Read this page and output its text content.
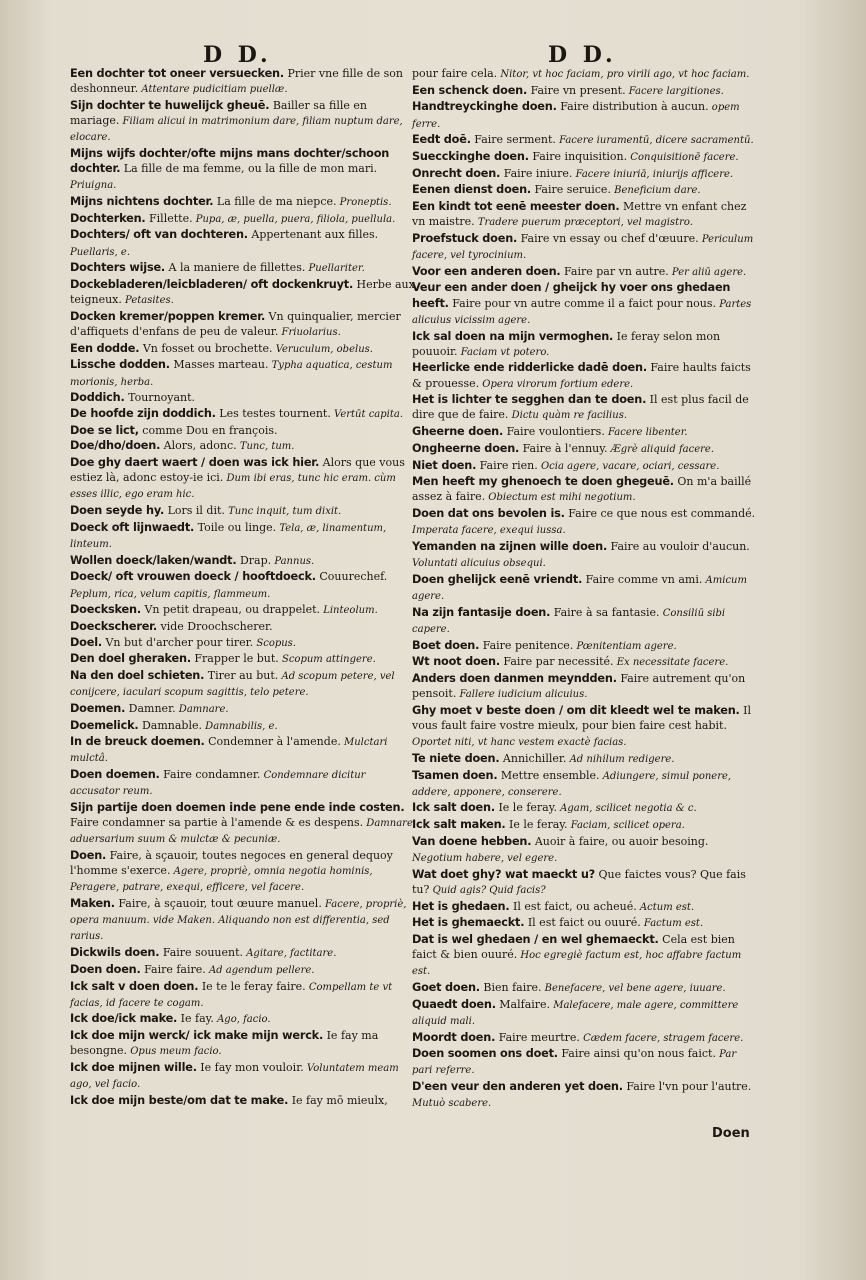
D D.	D D.
Een dochter tot oneer versuecken. Prier vne fille de son deshonneur. Attentare pudicitiam puellæ.
Sijn dochter te huwelijck gheuē. Bailler sa fille en mariage. Filiam alicui in matrimonium dare, filiam nuptum dare, elocare.
Mijns wijfs dochter/ofte mijns mans dochter/schoon dochter. La fille de ma femme, ou la fille de mon mari. Priuigna.
Mijns nichtens dochter. La fille de ma niepce. Proneptis.
Dochterken. Fillette. Pupa, æ, puella, puera, filiola, puellula.
Dochters/ oft van dochteren. Appertenant aux filles. Puellaris, e.
Dochters wijse. A la maniere de fillettes. Puellariter.
Dockebladeren/leicbladeren/ oft dockenkruyt. Herbe aux teigneux. Petasites.
Docken kremer/poppen kremer. Vn quinqualier, mercier d'affiquets d'enfans de peu de valeur. Friuolarius.
Een dodde. Vn fosset ou brochette. Veruculum, obelus.
Lissche dodden. Masses marteau. Typha aquatica, cestum morionis, herba.
Doddich. Tournoyant.
De hoofde zijn doddich. Les testes tournent. Vertūt capita.
Doe se lict, comme Dou en françois.
Doe/dho/doen. Alors, adonc. Tunc, tum.
Doe ghy daert waert / doen was ick hier. Alors que vous estiez là, adonc estoy-ie ici. Dum ibi eras, tunc hic eram. cùm esses illic, ego eram hic.
Doen seyde hy. Lors il dit. Tunc inquit, tum dixit.
Doeck oft lijnwaedt. Toile ou linge. Tela, æ, linamentum, linteum.
Wollen doeck/laken/wandt. Drap. Pannus.
Doeck/ oft vrouwen doeck / hooftdoeck. Couurechef. Peplum, rica, velum capitis, flammeum.
Doecksken. Vn petit drapeau, ou drappelet. Linteolum.
Doeckscherer. vide Droochscherer.
Doel. Vn but d'archer pour tirer. Scopus.
Den doel gheraken. Frapper le but. Scopum attingere.
Na den doel schieten. Tirer au but. Ad scopum petere, vel conijcere, iaculari scopum sagittis, telo petere.
Doemen. Damner. Damnare.
Doemelick. Damnable. Damnabilis, e.
In de breuck doemen. Condemner à l'amende. Mulctari mulctâ.
Doen doemen. Faire condamner. Condemnare dicitur accusator reum.
Sijn partije doen doemen inde pene ende inde costen. Faire condamner sa partie à l'amende & es despens. Damnare aduersarium suum & mulctæ & pecuniæ.
Doen. Faire, à sçauoir, toutes negoces en general dequoy l'homme s'exerce. Agere, propriè, omnia negotia hominis, Peragere, patrare, exequi, efficere, vel facere.
Maken. Faire, à sçauoir, tout œuure manuel. Facere, propriè, opera manuum. vide Maken. Aliquando non est differentia, sed rarius.
Dickwils doen. Faire souuent. Agitare, factitare.
Doen doen. Faire faire. Ad agendum pellere.
Ick salt v doen doen. Ie te le feray faire. Compellam te vt facias, id facere te cogam.
Ick doe/ick make. Ie fay. Ago, facio.
Ick doe mijn werck/ ick make mijn werck. Ie fay ma besongne. Opus meum facio.
Ick doe mijnen wille. Ie fay mon vouloir. Voluntatem meam ago, vel facio.
Ick doe mijn beste/om dat te make. Ie fay mō mieulx,
pour faire cela. Nitor, vt hoc faciam, pro virili ago, vt hoc faciam.
Een schenck doen. Faire vn present. Facere largitiones.
Handtreyckinghe doen. Faire distribution à aucun. opem ferre.
Eedt doē. Faire serment. Facere iuramentū, dicere sacramentū.
Suecckinghe doen. Faire inquisition. Conquisitionē facere.
Onrecht doen. Faire iniure. Facere iniuriā, iniurijs afficere.
Eenen dienst doen. Faire seruice. Beneficium dare.
Een kindt tot eenē meester doen. Mettre vn enfant chez vn maistre. Tradere puerum præceptori, vel magistro.
Proefstuck doen. Faire vn essay ou chef d'œuure. Periculum facere, vel tyrocinium.
Voor een anderen doen. Faire par vn autre. Per aliū agere.
Veur een ander doen / gheijck hy voer ons ghedaen heeft. Faire pour vn autre comme il a faict pour nous. Partes alicuius vicissim agere.
Ick sal doen na mijn vermoghen. Ie feray selon mon pouuoir. Faciam vt potero.
Heerlicke ende ridderlicke dadē doen. Faire haults faicts & prouesse. Opera virorum fortium edere.
Het is lichter te segghen dan te doen. Il est plus facil de dire que de faire. Dictu quàm re facilius.
Gheerne doen. Faire voulontiers. Facere libenter.
Ongheerne doen. Faire à l'ennuy. Ægrè aliquid facere.
Niet doen. Faire rien. Ocia agere, vacare, ociari, cessare.
Men heeft my ghenoech te doen ghegeuē. On m'a baillé assez à faire. Obiectum est mihi negotium.
Doen dat ons bevolen is. Faire ce que nous est commandé. Imperata facere, exequi iussa.
Yemanden na zijnen wille doen. Faire au vouloir d'aucun. Voluntati alicuius obsequi.
Doen ghelijck eenē vriendt. Faire comme vn ami. Amicum agere.
Na zijn fantasije doen. Faire à sa fantasie. Consiliū sibi capere.
Boet doen. Faire penitence. Pœnitentiam agere.
Wt noot doen. Faire par necessité. Ex necessitate facere.
Anders doen danmen meyndden. Faire autrement qu'on pensoit. Fallere iudicium alicuius.
Ghy moet v beste doen / om dit kleedt wel te maken. Il vous fault faire vostre mieulx, pour bien faire cest habit. Oportet niti, vt hanc vestem exactè facias.
Te niete doen. Annichiller. Ad nihilum redigere.
Tsamen doen. Mettre ensemble. Adiungere, simul ponere, addere, apponere, conserere.
Ick salt doen. Ie le feray. Agam, scilicet negotia & c.
Ick salt maken. Ie le feray. Faciam, scilicet opera.
Van doene hebben. Auoir à faire, ou auoir besoing. Negotium habere, vel egere.
Wat doet ghy? wat maeckt u? Que faictes vous? Que fais tu? Quid agis? Quid facis?
Het is ghedaen. Il est faict, ou acheué. Actum est.
Het is ghemaeckt. Il est faict ou ouuré. Factum est.
Dat is wel ghedaen / en wel ghemaeckt. Cela est bien faict & bien ouuré. Hoc egregiè factum est, hoc affabre factum est.
Goet doen. Bien faire. Benefacere, vel bene agere, iuuare.
Quaedt doen. Malfaire. Malefacere, male agere, committere aliquid mali.
Moordt doen. Faire meurtre. Cædem facere, stragem facere.
Doen soomen ons doet. Faire ainsi qu'on nous faict. Par pari referre.
D'een veur den anderen yet doen. Faire l'vn pour l'autre. Mutuò scabere.
Doen
